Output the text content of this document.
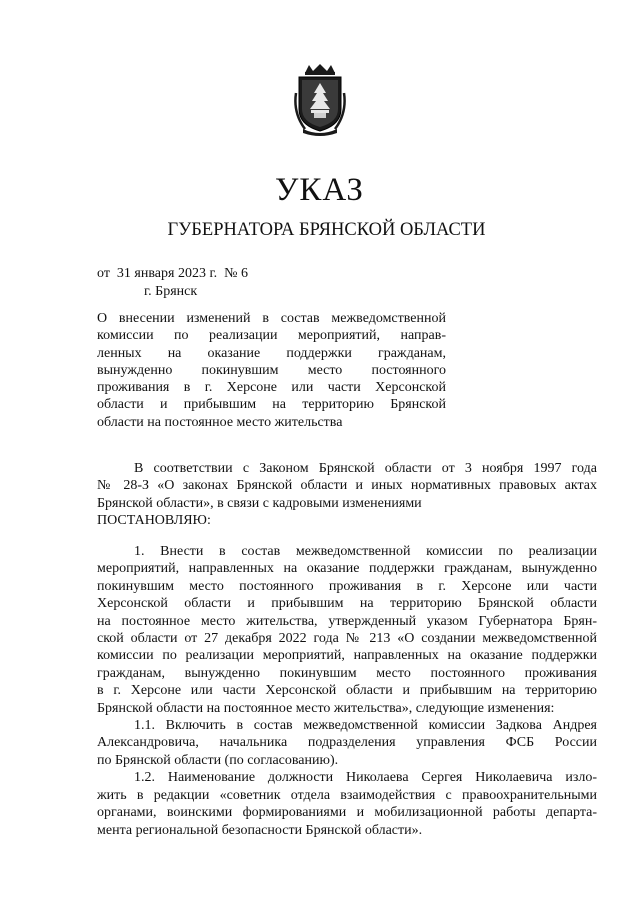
УКАЗ
ГУБЕРНАТОРА БРЯНСКОЙ ОБЛАСТИ
от  31 января 2023 г.  № 6
г. Брянск
О внесении изменений в состав межведомственной
комиссии по реализации мероприятий, направ-
ленных на оказание поддержки гражданам,
вынужденно покинувшим место постоянного
проживания в г. Херсоне или части Херсонской
области и прибывшим на территорию Брянской
области на постоянное место жительства
В соответствии с Законом Брянской области от 3 ноября 1997 года
№ 28-З «О законах Брянской области и иных нормативных правовых актах
Брянской области», в связи с кадровыми изменениями
ПОСТАНОВЛЯЮ:
1. Внести в состав межведомственной комиссии по реализации
мероприятий, направленных на оказание поддержки гражданам, вынужденно
покинувшим место постоянного проживания в г. Херсоне или части
Херсонской области и прибывшим на территорию Брянской области
на постоянное место жительства, утвержденный указом Губернатора Брян-
ской области от 27 декабря 2022 года № 213 «О создании межведомственной
комиссии по реализации мероприятий, направленных на оказание поддержки
гражданам, вынужденно покинувшим место постоянного проживания
в г. Херсоне или части Херсонской области и прибывшим на территорию
Брянской области на постоянное место жительства», следующие изменения:
1.1. Включить в состав межведомственной комиссии Задкова Андрея
Александровича, начальника подразделения управления ФСБ России
по Брянской области (по согласованию).
1.2. Наименование должности Николаева Сергея Николаевича изло-
жить в редакции «советник отдела взаимодействия с правоохранительными
органами, воинскими формированиями и мобилизационной работы департа-
мента региональной безопасности Брянской области».
